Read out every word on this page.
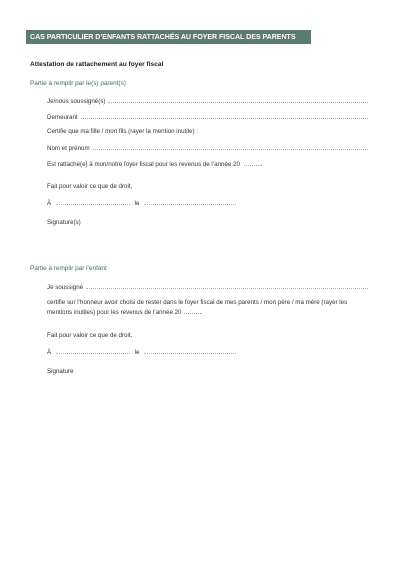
CAS PARTICULIER D’ENFANTS RATTACHÉS AU FOYER FISCAL DES PARENTS
Attestation de rattachement au foyer fiscal
Partie à remplir par le(s) parent(s)
Je/nous soussigné(s)
Demeurant
Certifie que ma fille / mon fils (rayer la mention inutile) :
Nom et prénom
Est rattaché(e) à mon/notre foyer fiscal pour les revenus de l’année 20	.
Fait pour valoir ce que de droit,
À	le
Signature(s)
Partie à remplir par l’enfant
Je soussigné
certifie sur l’honneur avoir choisi de rester dans le foyer fiscal de mes parents / mon père / ma mère (rayer les mentions inutiles) pour les revenus de l’année 20	.
Fait pour valoir ce que de droit,
À	le
Signature
